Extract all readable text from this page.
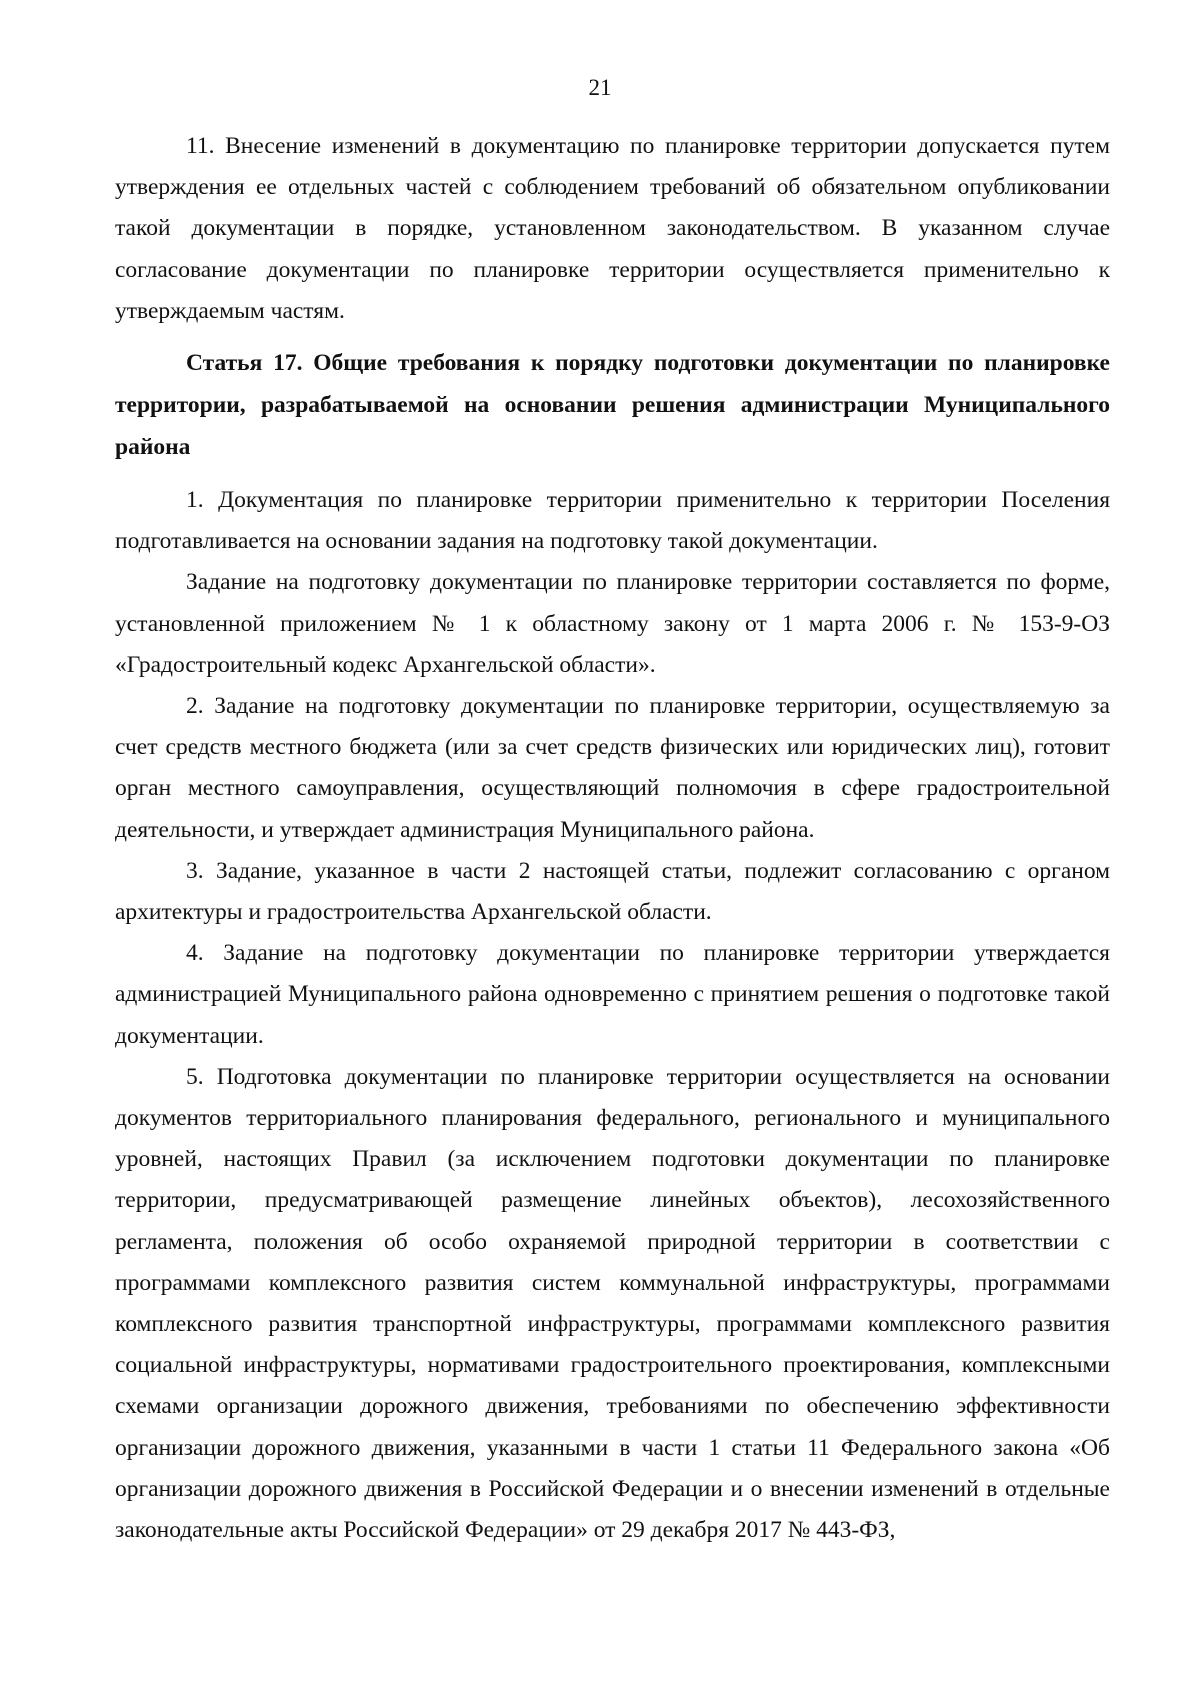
21

11. Внесение изменений в документацию по планировке территории допускается путем утверждения ее отдельных частей с соблюдением требований об обязательном опубликовании такой документации в порядке, установленном законодательством. В указанном случае согласование документации по планировке территории осуществляется применительно к утверждаемым частям.

Статья 17. Общие требования к порядку подготовки документации по планировке территории, разрабатываемой на основании решения администрации Муниципального района

1. Документация по планировке территории применительно к территории Поселения подготавливается на основании задания на подготовку такой документации.

Задание на подготовку документации по планировке территории составляется по форме, установленной приложением № 1 к областному закону от 1 марта 2006 г. № 153-9-ОЗ «Градостроительный кодекс Архангельской области».

2. Задание на подготовку документации по планировке территории, осуществляемую за счет средств местного бюджета (или за счет средств физических или юридических лиц), готовит орган местного самоуправления, осуществляющий полномочия в сфере градостроительной деятельности, и утверждает администрация Муниципального района.

3. Задание, указанное в части 2 настоящей статьи, подлежит согласованию с органом архитектуры и градостроительства Архангельской области.

4. Задание на подготовку документации по планировке территории утверждается администрацией Муниципального района одновременно с принятием решения о подготовке такой документации.

5. Подготовка документации по планировке территории осуществляется на основании документов территориального планирования федерального, регионального и муниципального уровней, настоящих Правил (за исключением подготовки документации по планировке территории, предусматривающей размещение линейных объектов), лесохозяйственного регламента, положения об особо охраняемой природной территории в соответствии с программами комплексного развития систем коммунальной инфраструктуры, программами комплексного развития транспортной инфраструктуры, программами комплексного развития социальной инфраструктуры, нормативами градостроительного проектирования, комплексными схемами организации дорожного движения, требованиями по обеспечению эффективности организации дорожного движения, указанными в части 1 статьи 11 Федерального закона «Об организации дорожного движения в Российской Федерации и о внесении изменений в отдельные законодательные акты Российской Федерации» от 29 декабря 2017 № 443-ФЗ,
